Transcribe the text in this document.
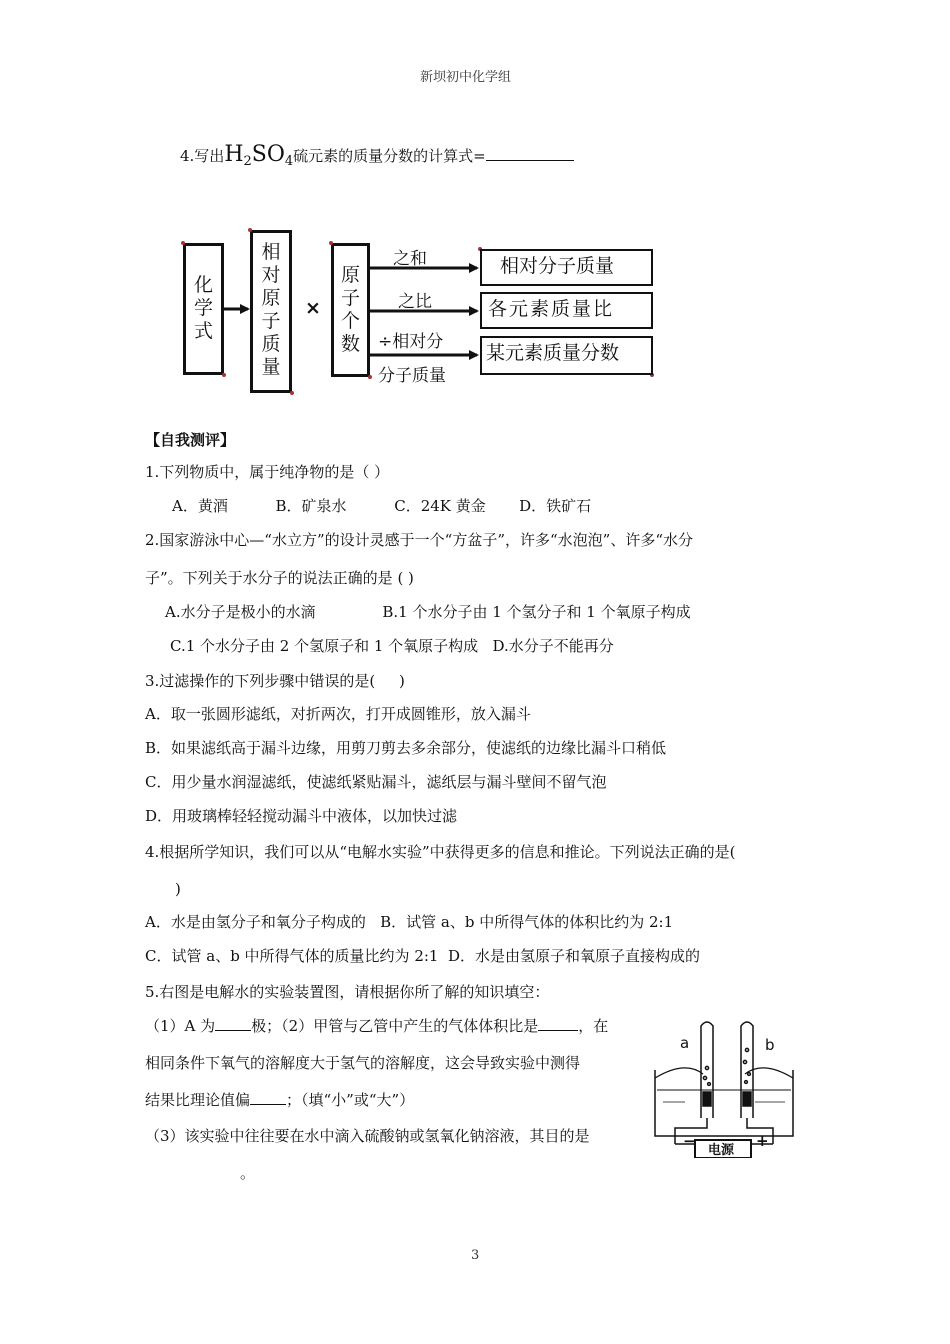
新坝初中化学组
4.写出$H_2SO_4$硫元素的质量分数的计算式=
化学式
相对原子质量
×
原子个数
之和
之比
÷相对分
分子质量
相对分子质量
各元素质量比
某元素质量分数
【自我测评】
1.下列物质中，属于纯净物的是（ ）
A．黄酒          B．矿泉水          C．24K 黄金       D．铁矿石
2.国家游泳中心—“水立方”的设计灵感于一个“方盆子”，许多“水泡泡”、许多“水分
子”。下列关于水分子的说法正确的是 ( )
A.水分子是极小的水滴              B.1 个水分子由 1 个氢分子和 1 个氧原子构成
C.1 个水分子由 2 个氢原子和 1 个氧原子构成   D.水分子不能再分
3.过滤操作的下列步骤中错误的是(     )
A．取一张圆形滤纸，对折两次，打开成圆锥形，放入漏斗
B．如果滤纸高于漏斗边缘，用剪刀剪去多余部分，使滤纸的边缘比漏斗口稍低
C．用少量水润湿滤纸，使滤纸紧贴漏斗，滤纸层与漏斗壁间不留气泡
D．用玻璃棒轻轻搅动漏斗中液体，以加快过滤
4.根据所学知识，我们可以从“电解水实验”中获得更多的信息和推论。下列说法正确的是(
)
A．水是由氢分子和氧分子构成的   B．试管 a、b 中所得气体的体积比约为 2:1
C．试管 a、b 中所得气体的质量比约为 2:1  D．水是由氢原子和氧原子直接构成的
5.右图是电解水的实验装置图，请根据你所了解的知识填空：
（1）A 为 极；（2）甲管与乙管中产生的气体体积比是	，在
相同条件下氧气的溶解度大于氢气的溶解度，这会导致实验中测得
结果比理论值偏 ；（填“小”或“大”）
（3）该实验中往往要在水中滴入硫酸钠或氢氧化钠溶液，其目的是
。
a	b
电源
−	+
3
